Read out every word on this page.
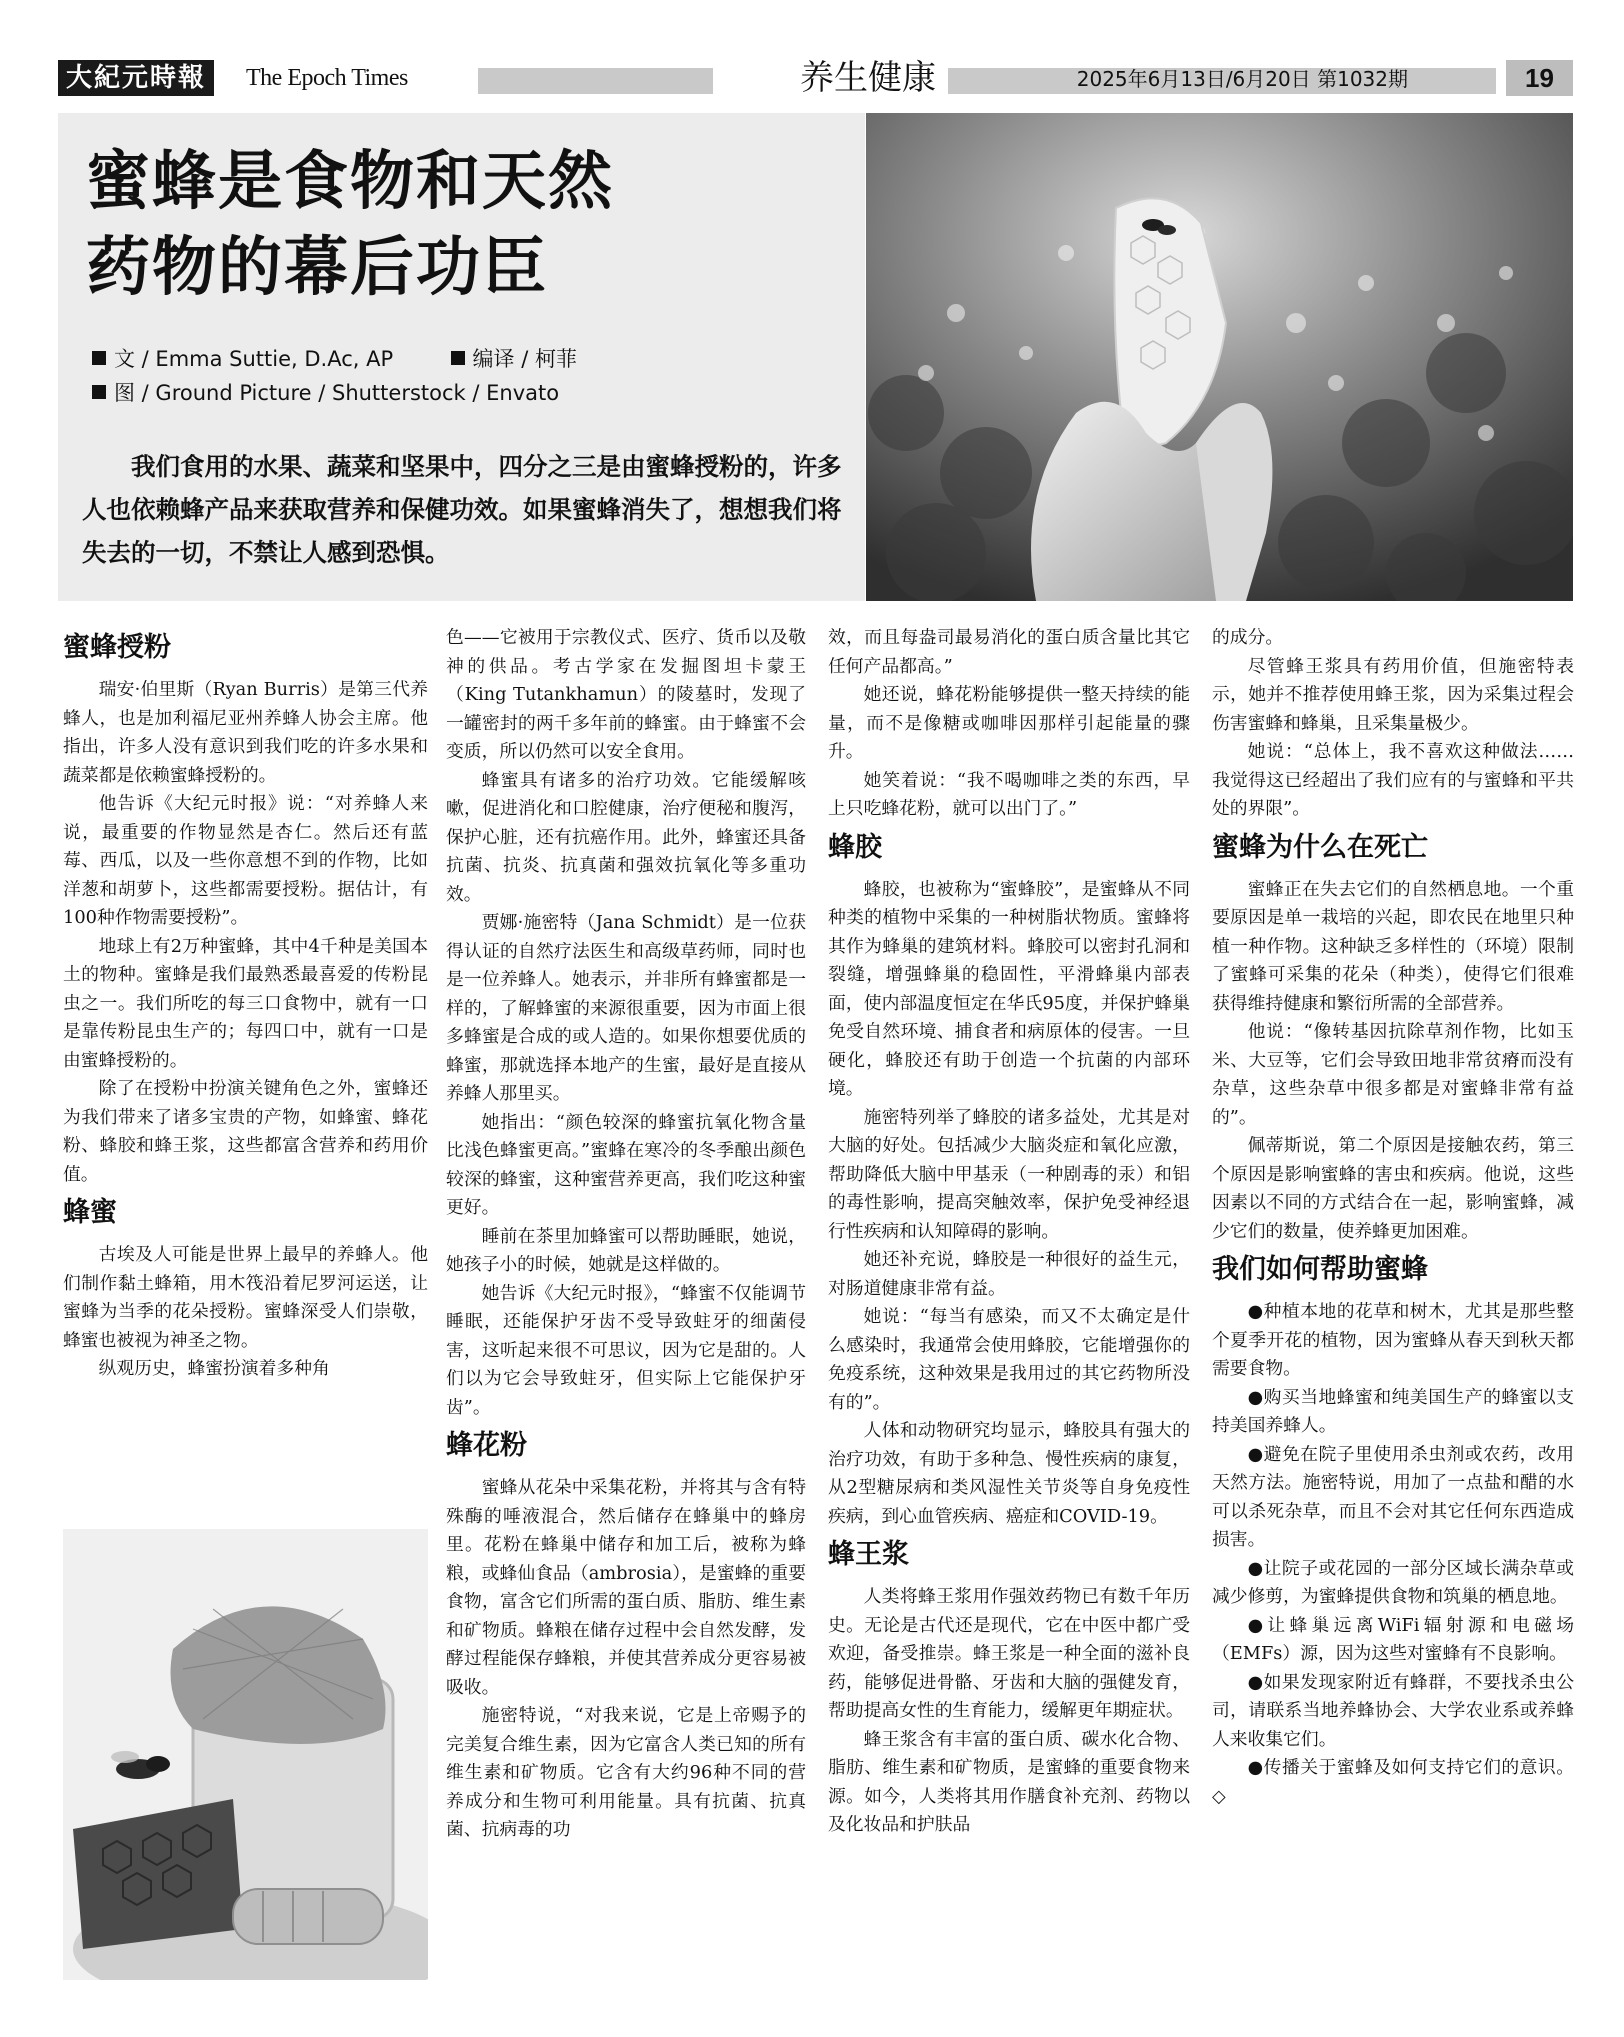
大紀元時報	The Epoch Times	养生健康	2025年6月13日/6月20日 第1032期	19
蜜蜂是食物和天然
药物的幕后功臣
文 / Emma Suttie, D.Ac, AP	编译 / 柯菲
图 / Ground Picture / Shutterstock / Envato

我们食用的水果、蔬菜和坚果中，四分之三是由蜜蜂授粉的，许多人也依赖蜂产品来获取营养和保健功效。如果蜜蜂消失了，想想我们将失去的一切，不禁让人感到恐惧。

蜜蜂授粉

瑞安·伯里斯（Ryan Burris）是第三代养蜂人，也是加利福尼亚州养蜂人协会主席。他指出，许多人没有意识到我们吃的许多水果和蔬菜都是依赖蜜蜂授粉的。

他告诉《大纪元时报》说：“对养蜂人来说，最重要的作物显然是杏仁。然后还有蓝莓、西瓜，以及一些你意想不到的作物，比如洋葱和胡萝卜，这些都需要授粉。据估计，有100种作物需要授粉”。

地球上有2万种蜜蜂，其中4千种是美国本土的物种。蜜蜂是我们最熟悉最喜爱的传粉昆虫之一。我们所吃的每三口食物中，就有一口是靠传粉昆虫生产的；每四口中，就有一口是由蜜蜂授粉的。

除了在授粉中扮演关键角色之外，蜜蜂还为我们带来了诸多宝贵的产物，如蜂蜜、蜂花粉、蜂胶和蜂王浆，这些都富含营养和药用价值。

蜂蜜

古埃及人可能是世界上最早的养蜂人。他们制作黏土蜂箱，用木筏沿着尼罗河运送，让蜜蜂为当季的花朵授粉。蜜蜂深受人们崇敬，蜂蜜也被视为神圣之物。

纵观历史，蜂蜜扮演着多种角

色——它被用于宗教仪式、医疗、货币以及敬神的供品。考古学家在发掘图坦卡蒙王（King Tutankhamun）的陵墓时，发现了一罐密封的两千多年前的蜂蜜。由于蜂蜜不会变质，所以仍然可以安全食用。

蜂蜜具有诸多的治疗功效。它能缓解咳嗽，促进消化和口腔健康，治疗便秘和腹泻，保护心脏，还有抗癌作用。此外，蜂蜜还具备抗菌、抗炎、抗真菌和强效抗氧化等多重功效。

贾娜·施密特（Jana Schmidt）是一位获得认证的自然疗法医生和高级草药师，同时也是一位养蜂人。她表示，并非所有蜂蜜都是一样的，了解蜂蜜的来源很重要，因为市面上很多蜂蜜是合成的或人造的。如果你想要优质的蜂蜜，那就选择本地产的生蜜，最好是直接从养蜂人那里买。

她指出：“颜色较深的蜂蜜抗氧化物含量比浅色蜂蜜更高。”蜜蜂在寒冷的冬季酿出颜色较深的蜂蜜，这种蜜营养更高，我们吃这种蜜更好。

睡前在茶里加蜂蜜可以帮助睡眠，她说，她孩子小的时候，她就是这样做的。

她告诉《大纪元时报》，“蜂蜜不仅能调节睡眠，还能保护牙齿不受导致蛀牙的细菌侵害，这听起来很不可思议，因为它是甜的。人们以为它会导致蛀牙，但实际上它能保护牙齿”。

蜂花粉

蜜蜂从花朵中采集花粉，并将其与含有特殊酶的唾液混合，然后储存在蜂巢中的蜂房里。花粉在蜂巢中储存和加工后，被称为蜂粮，或蜂仙食品（ambrosia），是蜜蜂的重要食物，富含它们所需的蛋白质、脂肪、维生素和矿物质。蜂粮在储存过程中会自然发酵，发酵过程能保存蜂粮，并使其营养成分更容易被吸收。

施密特说，“对我来说，它是上帝赐予的完美复合维生素，因为它富含人类已知的所有维生素和矿物质。它含有大约96种不同的营养成分和生物可利用能量。具有抗菌、抗真菌、抗病毒的功

效，而且每盎司最易消化的蛋白质含量比其它任何产品都高。”

她还说，蜂花粉能够提供一整天持续的能量，而不是像糖或咖啡因那样引起能量的骤升。

她笑着说：“我不喝咖啡之类的东西，早上只吃蜂花粉，就可以出门了。”

蜂胶

蜂胶，也被称为“蜜蜂胶”，是蜜蜂从不同种类的植物中采集的一种树脂状物质。蜜蜂将其作为蜂巢的建筑材料。蜂胶可以密封孔洞和裂缝，增强蜂巢的稳固性，平滑蜂巢内部表面，使内部温度恒定在华氏95度，并保护蜂巢免受自然环境、捕食者和病原体的侵害。一旦硬化，蜂胶还有助于创造一个抗菌的内部环境。

施密特列举了蜂胶的诸多益处，尤其是对大脑的好处。包括减少大脑炎症和氧化应激，帮助降低大脑中甲基汞（一种剧毒的汞）和铝的毒性影响，提高突触效率，保护免受神经退行性疾病和认知障碍的影响。

她还补充说，蜂胶是一种很好的益生元，对肠道健康非常有益。

她说：“每当有感染，而又不太确定是什么感染时，我通常会使用蜂胶，它能增强你的免疫系统，这种效果是我用过的其它药物所没有的”。

人体和动物研究均显示，蜂胶具有强大的治疗功效，有助于多种急、慢性疾病的康复，从2型糖尿病和类风湿性关节炎等自身免疫性疾病，到心血管疾病、癌症和COVID-19。

蜂王浆

人类将蜂王浆用作强效药物已有数千年历史。无论是古代还是现代，它在中医中都广受欢迎，备受推崇。蜂王浆是一种全面的滋补良药，能够促进骨骼、牙齿和大脑的强健发育，帮助提高女性的生育能力，缓解更年期症状。

蜂王浆含有丰富的蛋白质、碳水化合物、脂肪、维生素和矿物质，是蜜蜂的重要食物来源。如今，人类将其用作膳食补充剂、药物以及化妆品和护肤品

的成分。

尽管蜂王浆具有药用价值，但施密特表示，她并不推荐使用蜂王浆，因为采集过程会伤害蜜蜂和蜂巢，且采集量极少。

她说：“总体上，我不喜欢这种做法……我觉得这已经超出了我们应有的与蜜蜂和平共处的界限”。

蜜蜂为什么在死亡

蜜蜂正在失去它们的自然栖息地。一个重要原因是单一栽培的兴起，即农民在地里只种植一种作物。这种缺乏多样性的（环境）限制了蜜蜂可采集的花朵（种类），使得它们很难获得维持健康和繁衍所需的全部营养。

他说：“像转基因抗除草剂作物，比如玉米、大豆等，它们会导致田地非常贫瘠而没有杂草，这些杂草中很多都是对蜜蜂非常有益的”。

佩蒂斯说，第二个原因是接触农药，第三个原因是影响蜜蜂的害虫和疾病。他说，这些因素以不同的方式结合在一起，影响蜜蜂，减少它们的数量，使养蜂更加困难。

我们如何帮助蜜蜂

●种植本地的花草和树木，尤其是那些整个夏季开花的植物，因为蜜蜂从春天到秋天都需要食物。

●购买当地蜂蜜和纯美国生产的蜂蜜以支持美国养蜂人。

●避免在院子里使用杀虫剂或农药，改用天然方法。施密特说，用加了一点盐和醋的水可以杀死杂草，而且不会对其它任何东西造成损害。

●让院子或花园的一部分区域长满杂草或减少修剪，为蜜蜂提供食物和筑巢的栖息地。

●让蜂巢远离WiFi辐射源和电磁场（EMFs）源，因为这些对蜜蜂有不良影响。

●如果发现家附近有蜂群，不要找杀虫公司，请联系当地养蜂协会、大学农业系或养蜂人来收集它们。

●传播关于蜜蜂及如何支持它们的意识。◇
